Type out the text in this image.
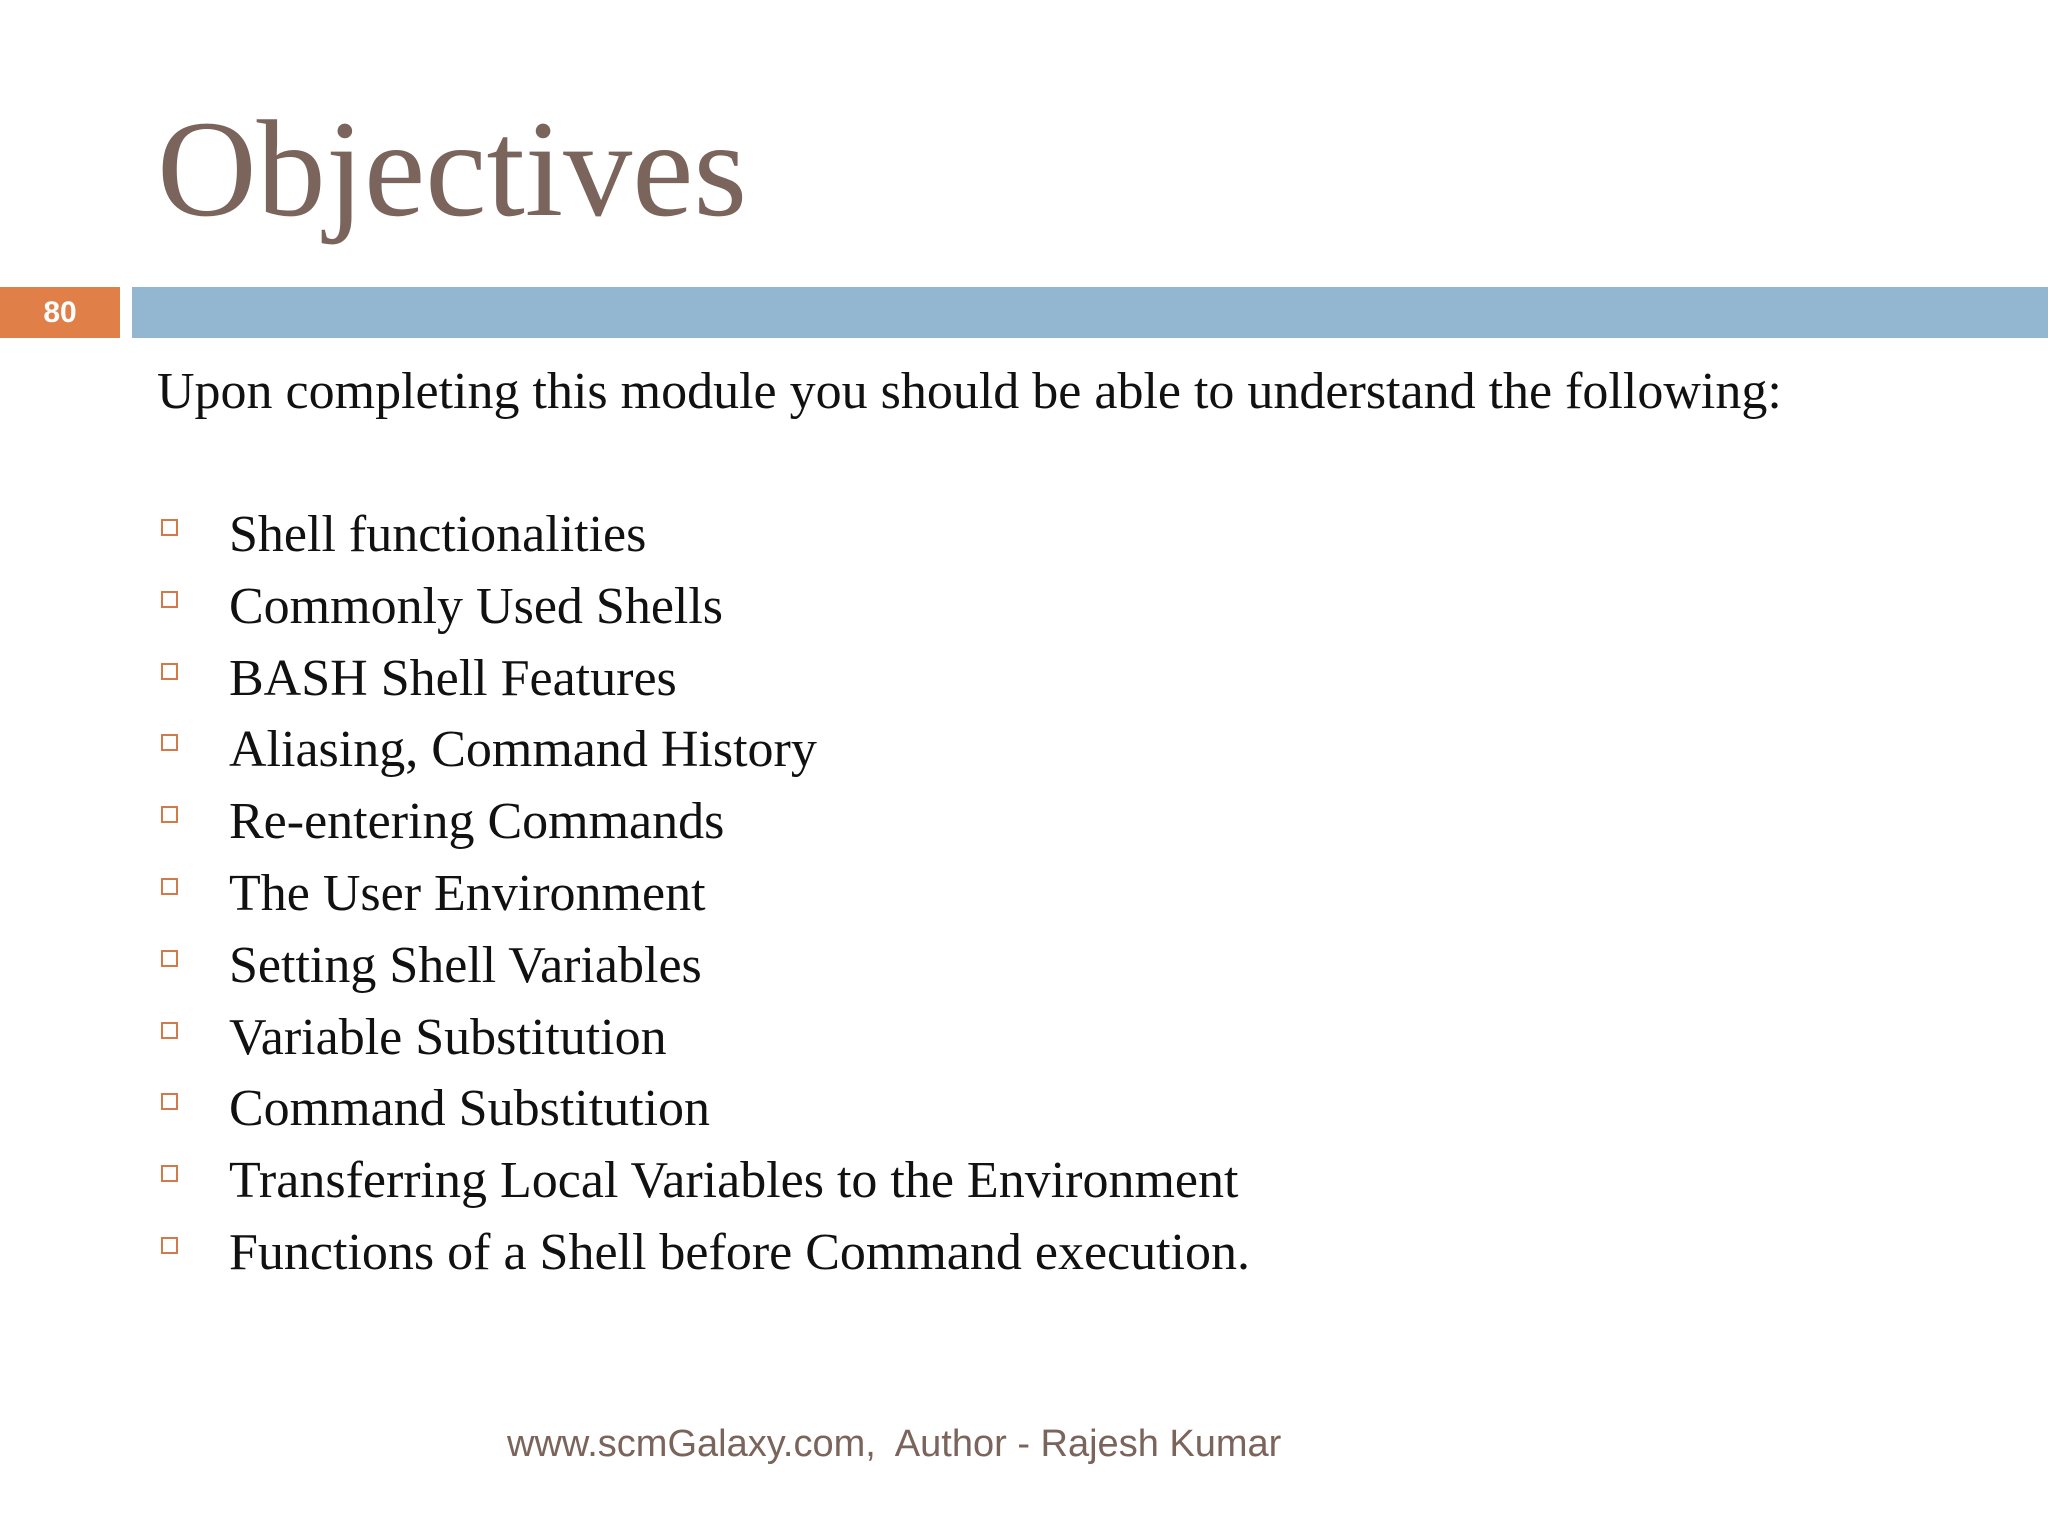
Objectives
80
Upon completing this module you should be able to understand the following:
Shell functionalities
Commonly Used Shells
BASH Shell Features
Aliasing, Command History
Re-entering Commands
The User Environment
Setting Shell Variables
Variable Substitution
Command Substitution
Transferring Local Variables to the Environment
Functions of a Shell before Command execution.
www.scmGalaxy.com,  Author - Rajesh Kumar
